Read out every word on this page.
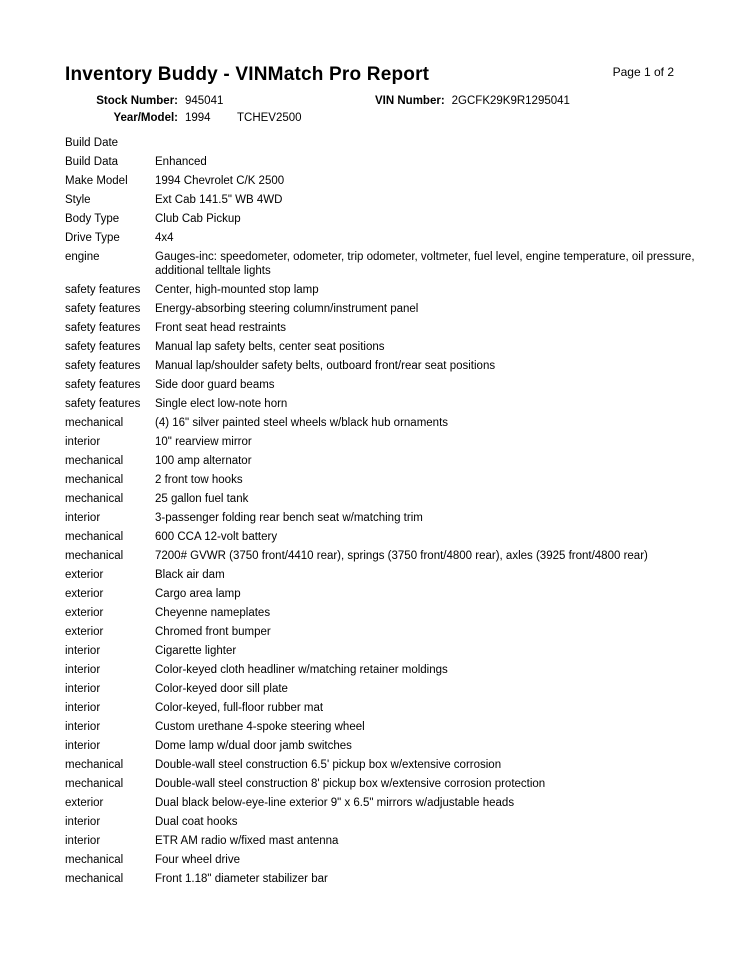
Inventory Buddy - VINMatch Pro Report	Page 1 of 2
Stock Number: 945041	VIN Number: 2GCFK29K9R1295041
Year/Model: 1994 TCHEV2500
Build Date
Build Data	Enhanced
Make Model	1994 Chevrolet C/K 2500
Style	Ext Cab 141.5" WB 4WD
Body Type	Club Cab Pickup
Drive Type	4x4
engine	Gauges-inc: speedometer, odometer, trip odometer, voltmeter, fuel level, engine temperature, oil pressure, additional telltale lights
safety features	Center, high-mounted stop lamp
safety features	Energy-absorbing steering column/instrument panel
safety features	Front seat head restraints
safety features	Manual lap safety belts, center seat positions
safety features	Manual lap/shoulder safety belts, outboard front/rear seat positions
safety features	Side door guard beams
safety features	Single elect low-note horn
mechanical	(4) 16" silver painted steel wheels w/black hub ornaments
interior	10" rearview mirror
mechanical	100 amp alternator
mechanical	2 front tow hooks
mechanical	25 gallon fuel tank
interior	3-passenger folding rear bench seat w/matching trim
mechanical	600 CCA 12-volt battery
mechanical	7200# GVWR (3750 front/4410 rear), springs (3750 front/4800 rear), axles (3925 front/4800 rear)
exterior	Black air dam
exterior	Cargo area lamp
exterior	Cheyenne nameplates
exterior	Chromed front bumper
interior	Cigarette lighter
interior	Color-keyed cloth headliner w/matching retainer moldings
interior	Color-keyed door sill plate
interior	Color-keyed, full-floor rubber mat
interior	Custom urethane 4-spoke steering wheel
interior	Dome lamp w/dual door jamb switches
mechanical	Double-wall steel construction 6.5' pickup box w/extensive corrosion
mechanical	Double-wall steel construction 8' pickup box w/extensive corrosion protection
exterior	Dual black below-eye-line exterior 9" x 6.5" mirrors w/adjustable heads
interior	Dual coat hooks
interior	ETR AM radio w/fixed mast antenna
mechanical	Four wheel drive
mechanical	Front 1.18" diameter stabilizer bar
